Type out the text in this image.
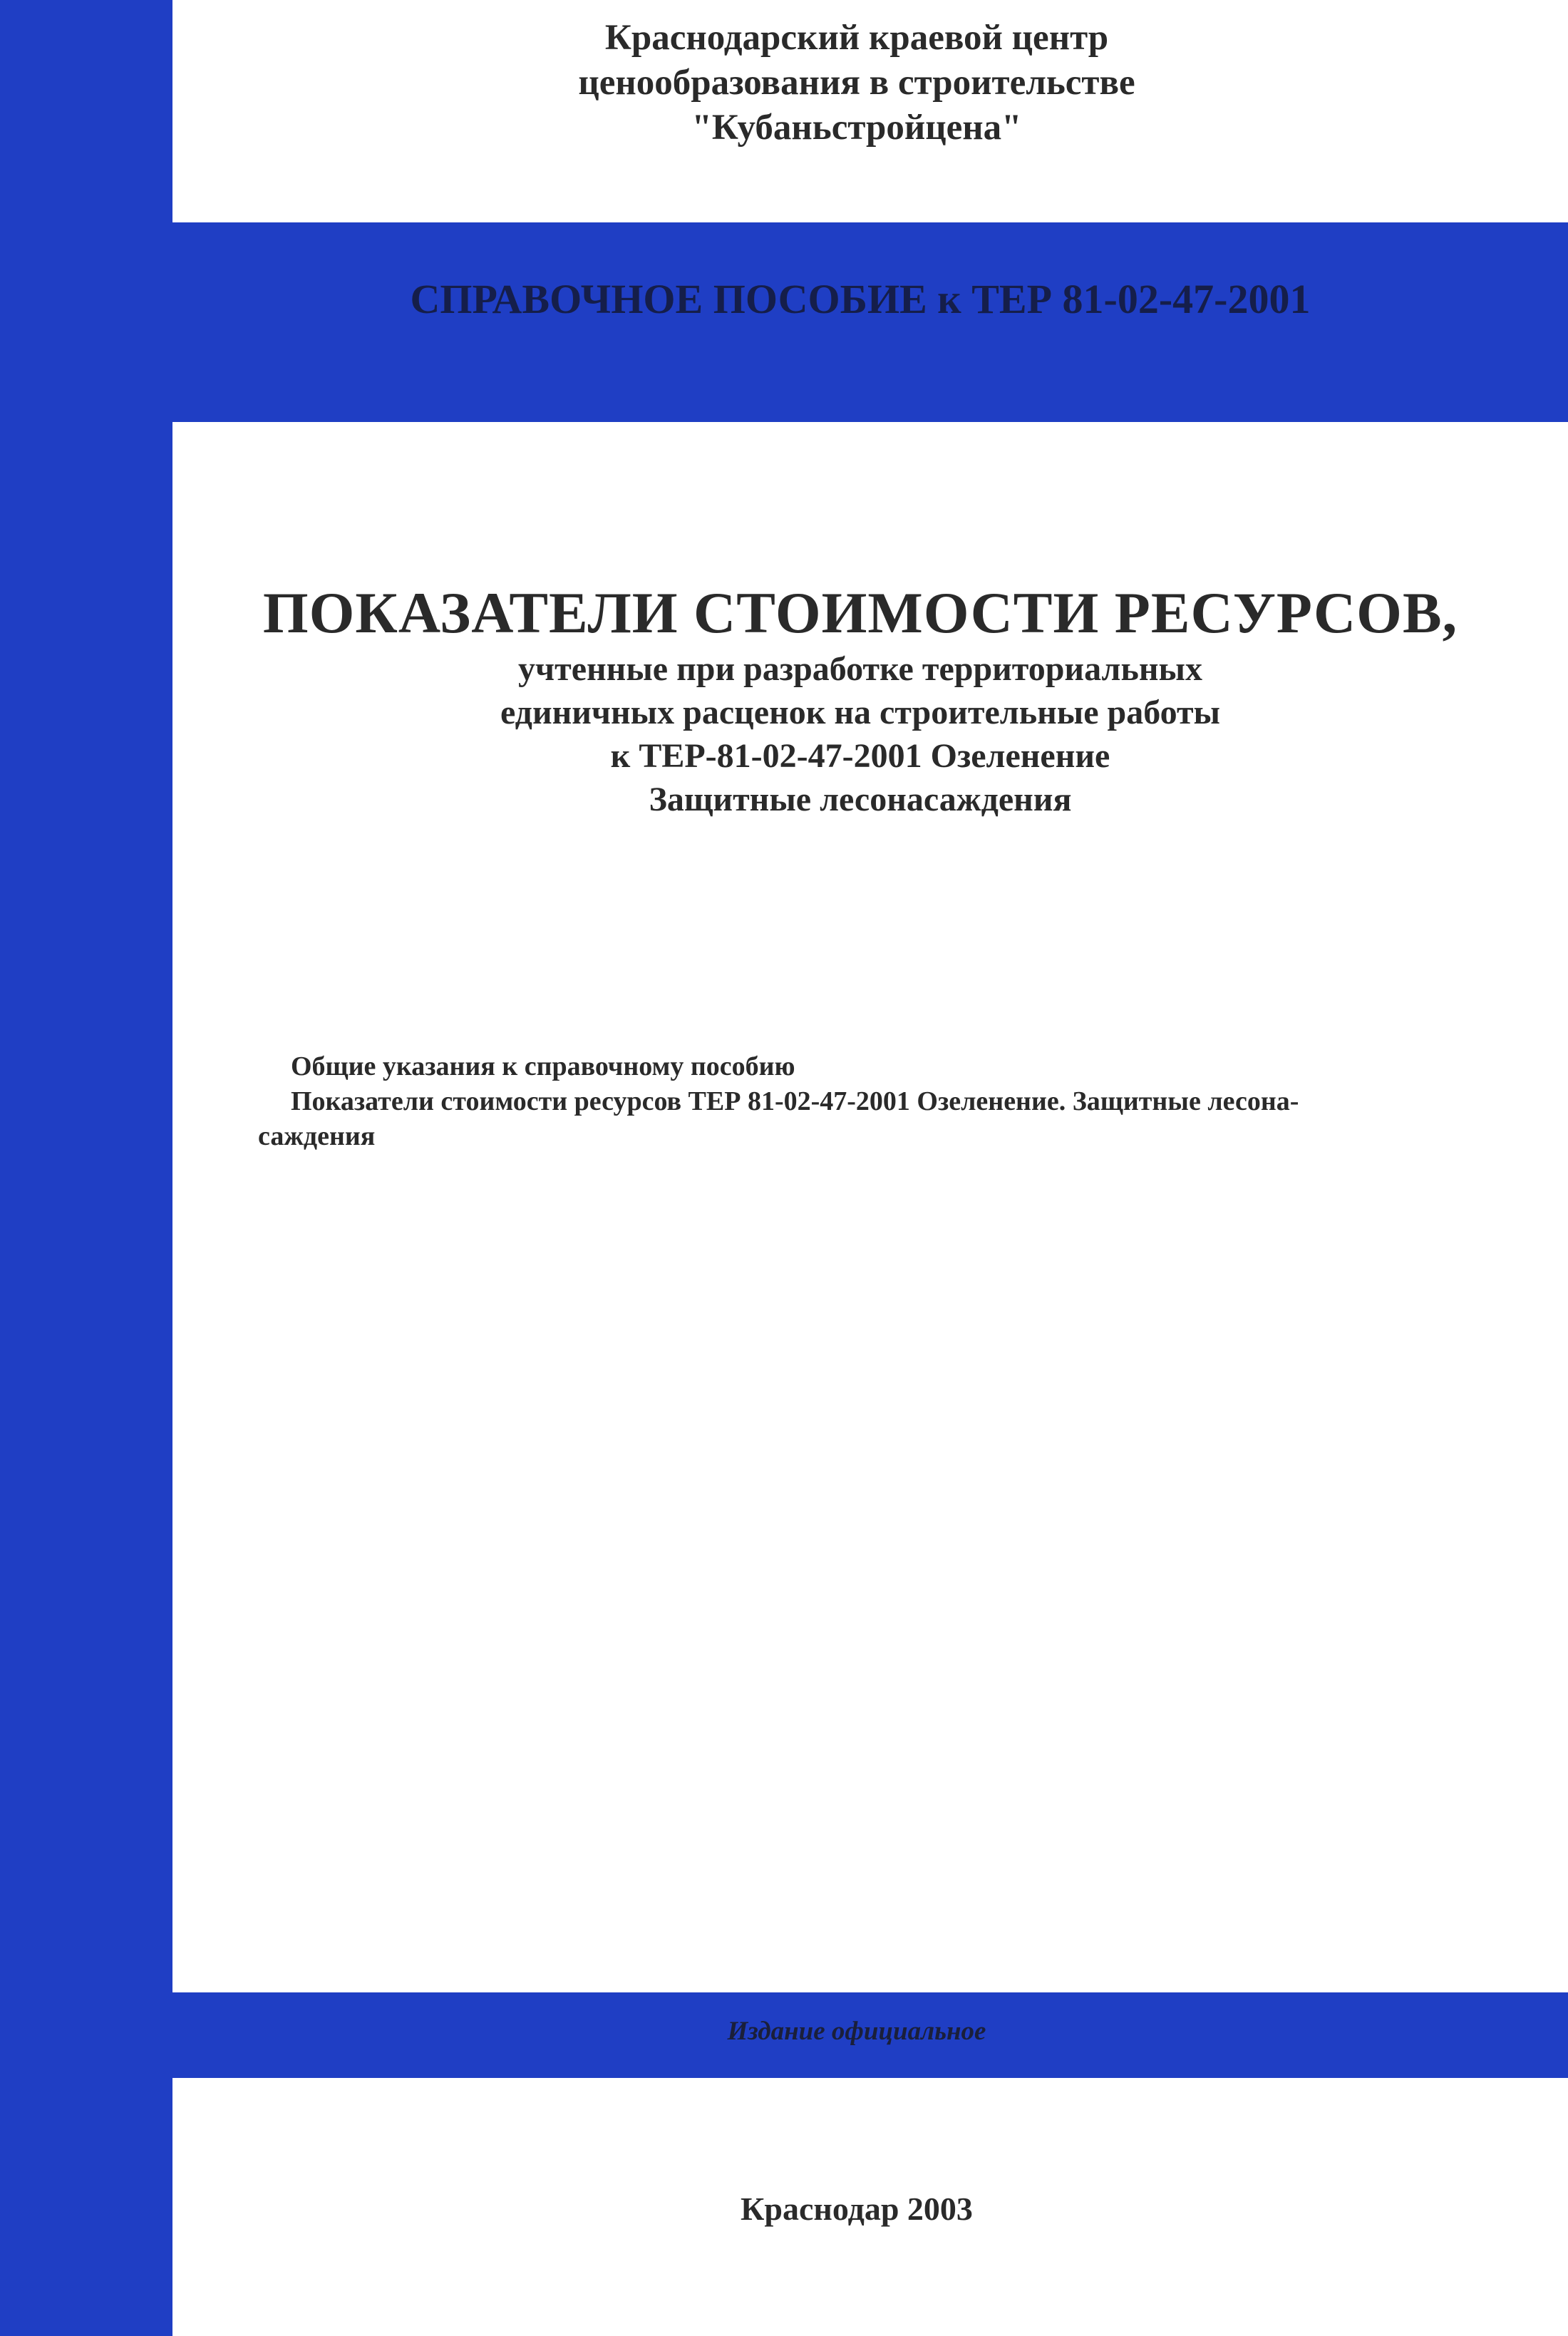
Краснодарский краевой центр
ценообразования в строительстве
"Кубаньстройцена"
СПРАВОЧНОЕ ПОСОБИЕ к ТЕР 81-02-47-2001
ПОКАЗАТЕЛИ СТОИМОСТИ РЕСУРСОВ,
учтенные при разработке территориальных
единичных расценок на строительные работы
к ТЕР-81-02-47-2001 Озеленение
Защитные лесонасаждения
Общие указания к справочному пособию
Показатели стоимости ресурсов ТЕР 81-02-47-2001 Озеленение. Защитные лесона-
саждения
Издание официальное
Краснодар 2003
